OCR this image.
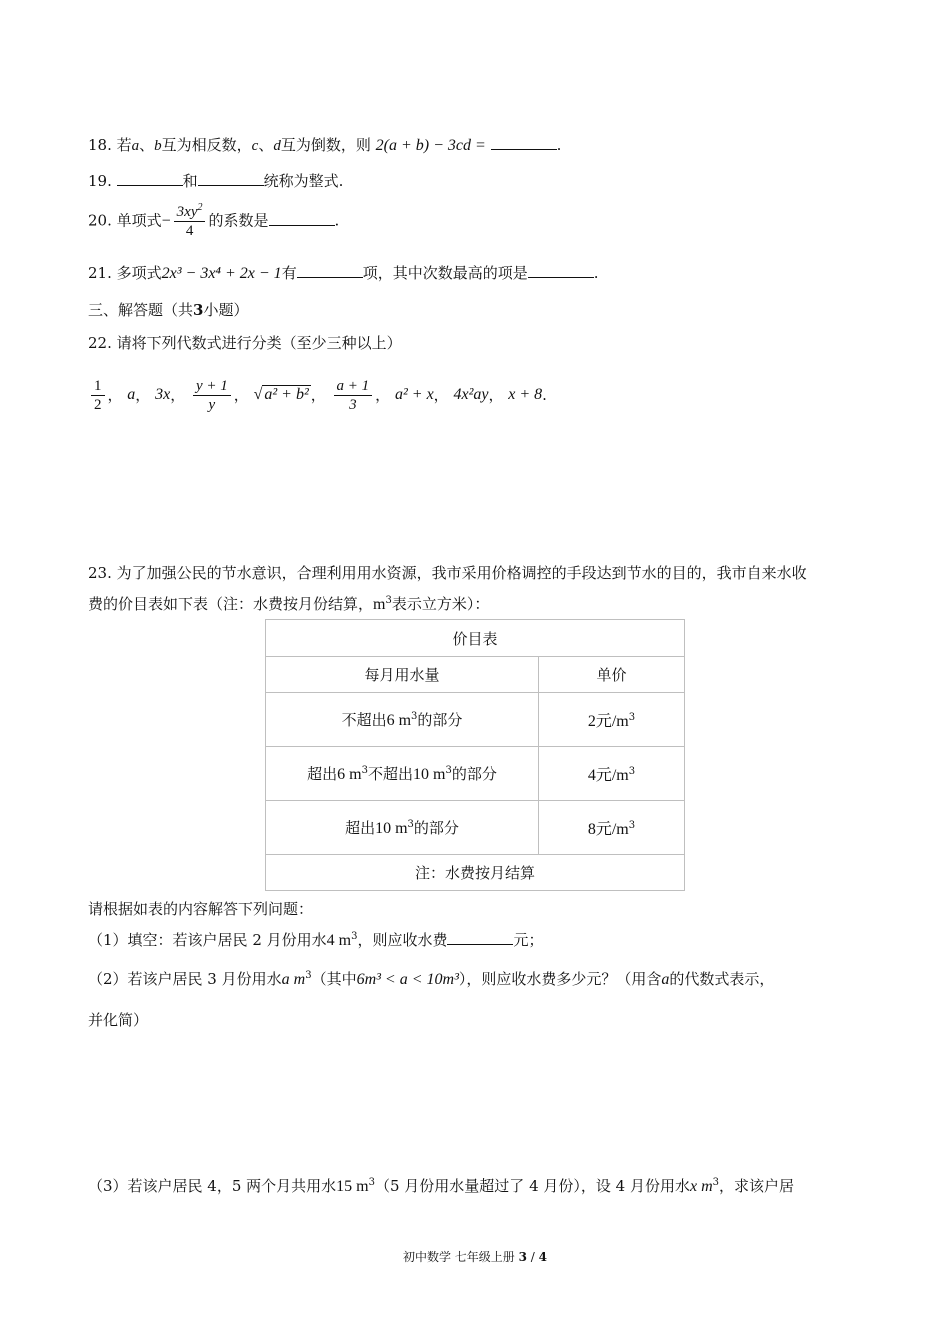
18. 若a、b互为相反数，c、d互为倒数，则 2(a + b) − 3cd =	.
19.	和	统称为整式.
20. 单项式− $\frac{3xy^2}{4}$ 的系数是	.
21. 多项式2x³ − 3x⁴ + 2x − 1有	项，其中次数最高的项是	.
三、解答题（共3小题）
22. 请将下列代数式进行分类（至少三种以上）
$\frac{1}{2}$ ，
a ，
3x ，
$\frac{y + 1}{y}$ ，
√ a² + b² ，
$\frac{a + 1}{3}$ ，
a² + x ，
4x²ay ，
x + 8 .
23. 为了加强公民的节水意识，合理利用用水资源，我市采用价格调控的手段达到节水的目的，我市自来水收
费的价目表如下表（注：水费按月份结算，$m^3$表示立方米）：
价目表	
每月用水量	单价
不超出6 $m^3$的部分	2元$/m^3$
超出6 $m^3$不超出10 $m^3$的部分	4元$/m^3$
超出10 $m^3$的部分	8元$/m^3$
注：水费按月结算	
请根据如表的内容解答下列问题：
（1）填空：若该户居民 2 月份用水4 $m^3$，则应收水费	元；
（2）若该户居民 3 月份用水a $m^3$（其中6m³ < a < 10m³），则应收水费多少元？（用含a的代数式表示，
并化简）
（3）若该户居民 4，5 两个月共用水15 $m^3(5$ 月份用水量超过了 4 月份），设 4 月份用水x $m^3$，求该户居
初中数学 七年级上册 3 / 4
